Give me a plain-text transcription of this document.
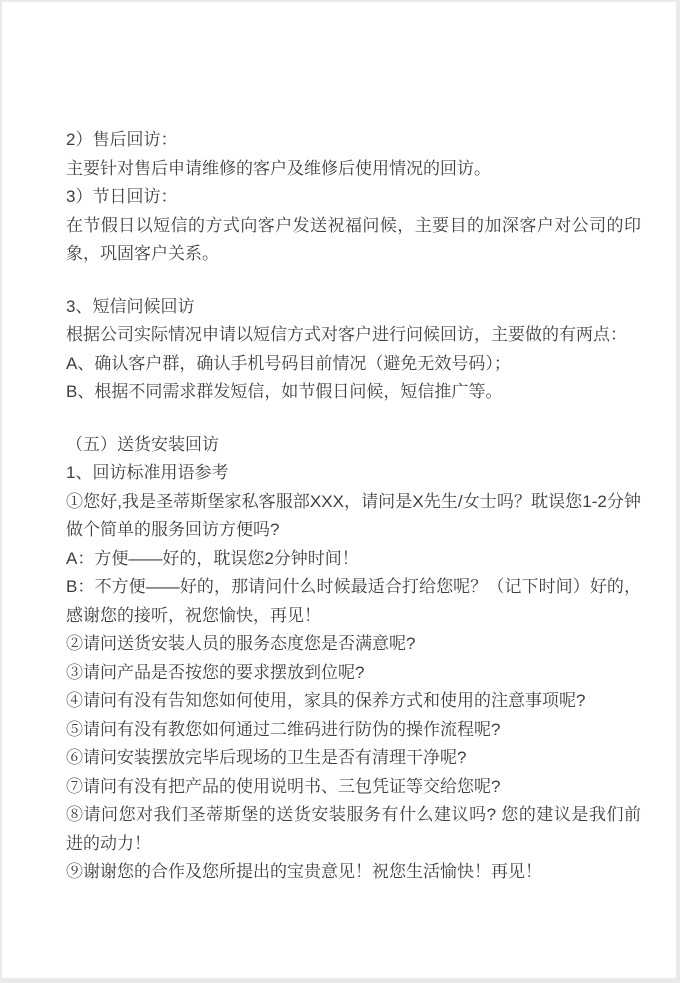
2）售后回访：

主要针对售后申请维修的客户及维修后使用情况的回访。

3）节日回访：

在节假日以短信的方式向客户发送祝福问候，主要目的加深客户对公司的印象，巩固客户关系。

3、短信问候回访

根据公司实际情况申请以短信方式对客户进行问候回访，主要做的有两点：

A、确认客户群，确认手机号码目前情况（避免无效号码）；

B、根据不同需求群发短信，如节假日问候，短信推广等。

（五）送货安装回访

1、回访标准用语参考

①您好,我是圣蒂斯堡家私客服部XXX，请问是X先生/女士吗？耽误您1-2分钟做个简单的服务回访方便吗?

A：方便——好的，耽误您2分钟时间！

B：不方便——好的，那请问什么时候最适合打给您呢？（记下时间）好的，感谢您的接听，祝您愉快，再见！

②请问送货安装人员的服务态度您是否满意呢?

③请问产品是否按您的要求摆放到位呢?

④请问有没有告知您如何使用，家具的保养方式和使用的注意事项呢?

⑤请问有没有教您如何通过二维码进行防伪的操作流程呢?

⑥请问安装摆放完毕后现场的卫生是否有清理干净呢?

⑦请问有没有把产品的使用说明书、三包凭证等交给您呢?

⑧请问您对我们圣蒂斯堡的送货安装服务有什么建议吗? 您的建议是我们前进的动力！

⑨谢谢您的合作及您所提出的宝贵意见！祝您生活愉快！再见！
